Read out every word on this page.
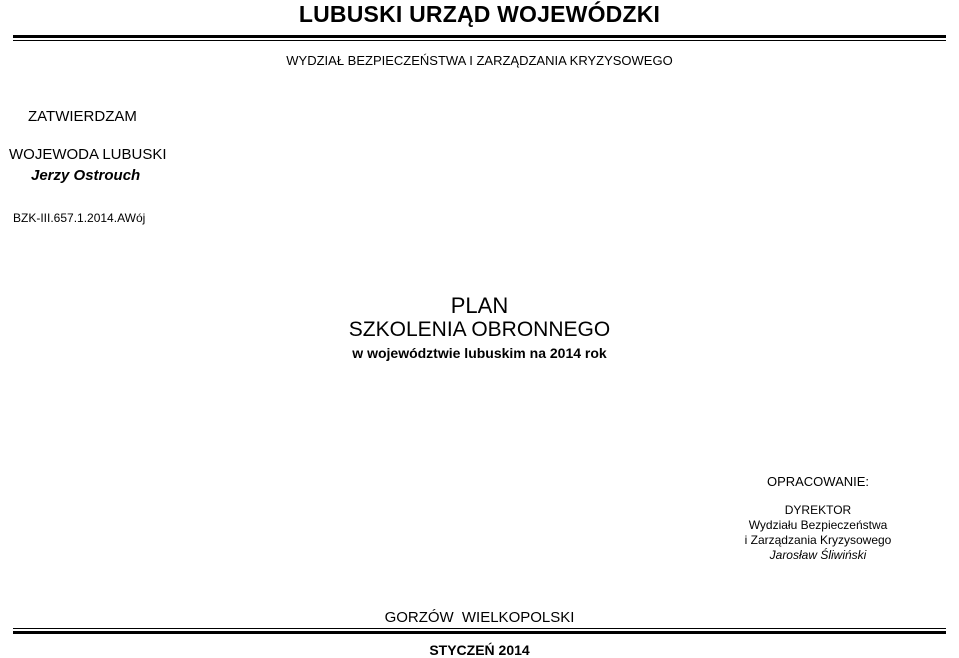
LUBUSKI URZĄD WOJEWÓDZKI
WYDZIAŁ BEZPIECZEŃSTWA I ZARZĄDZANIA KRYZYSOWEGO
ZATWIERDZAM
WOJEWODA LUBUSKI
Jerzy Ostrouch
BZK-III.657.1.2014.AWój
PLAN
SZKOLENIA OBRONNEGO
w województwie lubuskim na 2014 rok
OPRACOWANIE:
DYREKTOR
Wydziału Bezpieczeństwa
i Zarządzania Kryzysowego
Jarosław Śliwiński
GORZÓW WIELKOPOLSKI
STYCZEŃ 2014
